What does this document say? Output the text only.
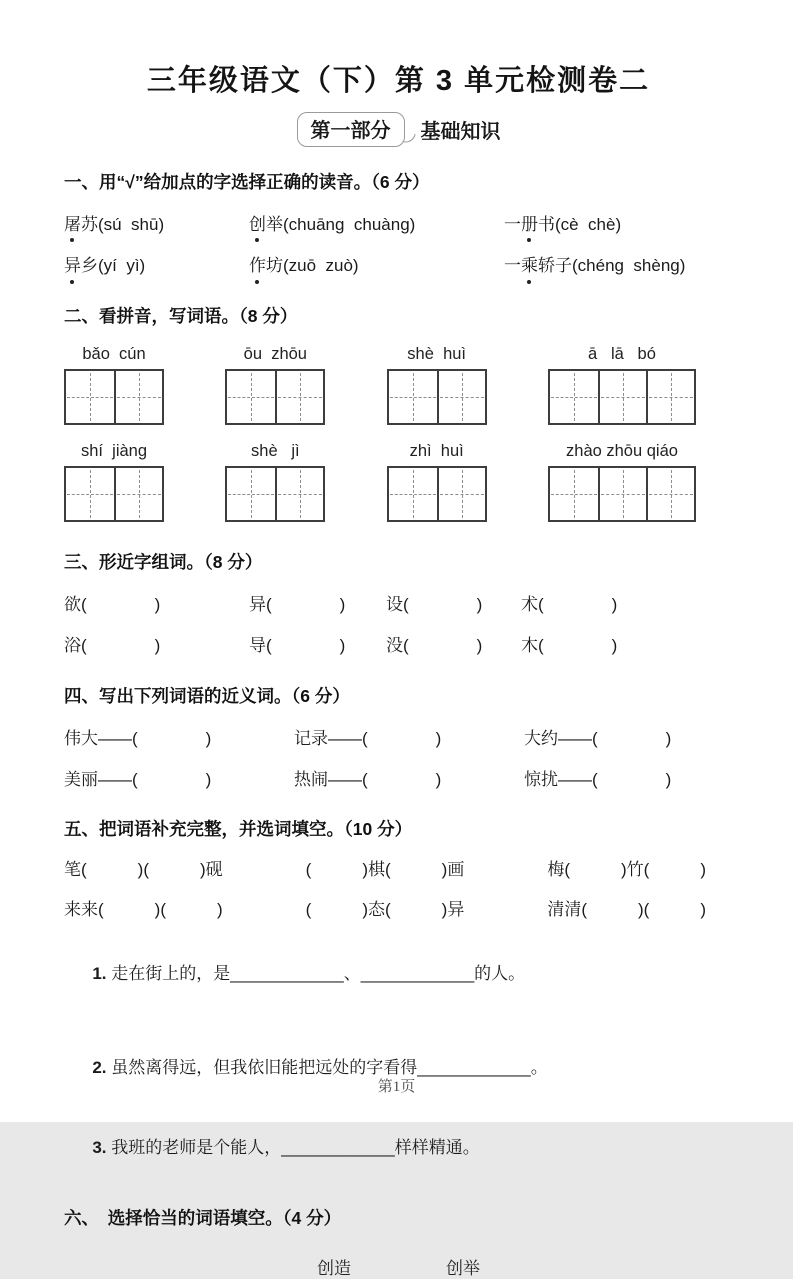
三年级语文（下）第 3 单元检测卷二
第一部分	基础知识
一、用“√”给加点的字选择正确的读音。（6 分）
屠苏(sú  shū)	创举(chuāng  chuàng)	一册书(cè  chè)
异乡(yí  yì)	作坊(zuō  zuò)	一乘轿子(chéng  shèng)
二、看拼音，写词语。（8 分）
bǎo  cún	ōu  zhōu	shè  huì	ā   lā   bó
shí  jiàng	shè   jì	zhì  huì	zhào zhōu qiáo
三、形近字组词。（8 分）
欲(　　　　)	异(　　　　)	设(　　　　)	术(　　　　)
浴(　　　　)	导(　　　　)	没(　　　　)	木(　　　　)
四、写出下列词语的近义词。（6 分）
伟大——(　　　　)	记录——(　　　　)	大约——(　　　　)
美丽——(　　　　)	热闹——(　　　　)	惊扰——(　　　　)
五、把词语补充完整，并选词填空。（10 分）
笔(　　　)(　　　)砚	(　　　)棋(　　　)画	梅(　　　)竹(　　　)
来来(　　　)(　　　)	(　　　)态(　　　)异	清清(　　　)(　　　)

1. 走在街上的，是____________、____________的人。

2. 虽然离得远，但我依旧能把远处的字看得____________。

3. 我班的老师是个能人，____________样样精通。

六、　选择恰当的词语填空。（4 分）
创造	创举
第1页
